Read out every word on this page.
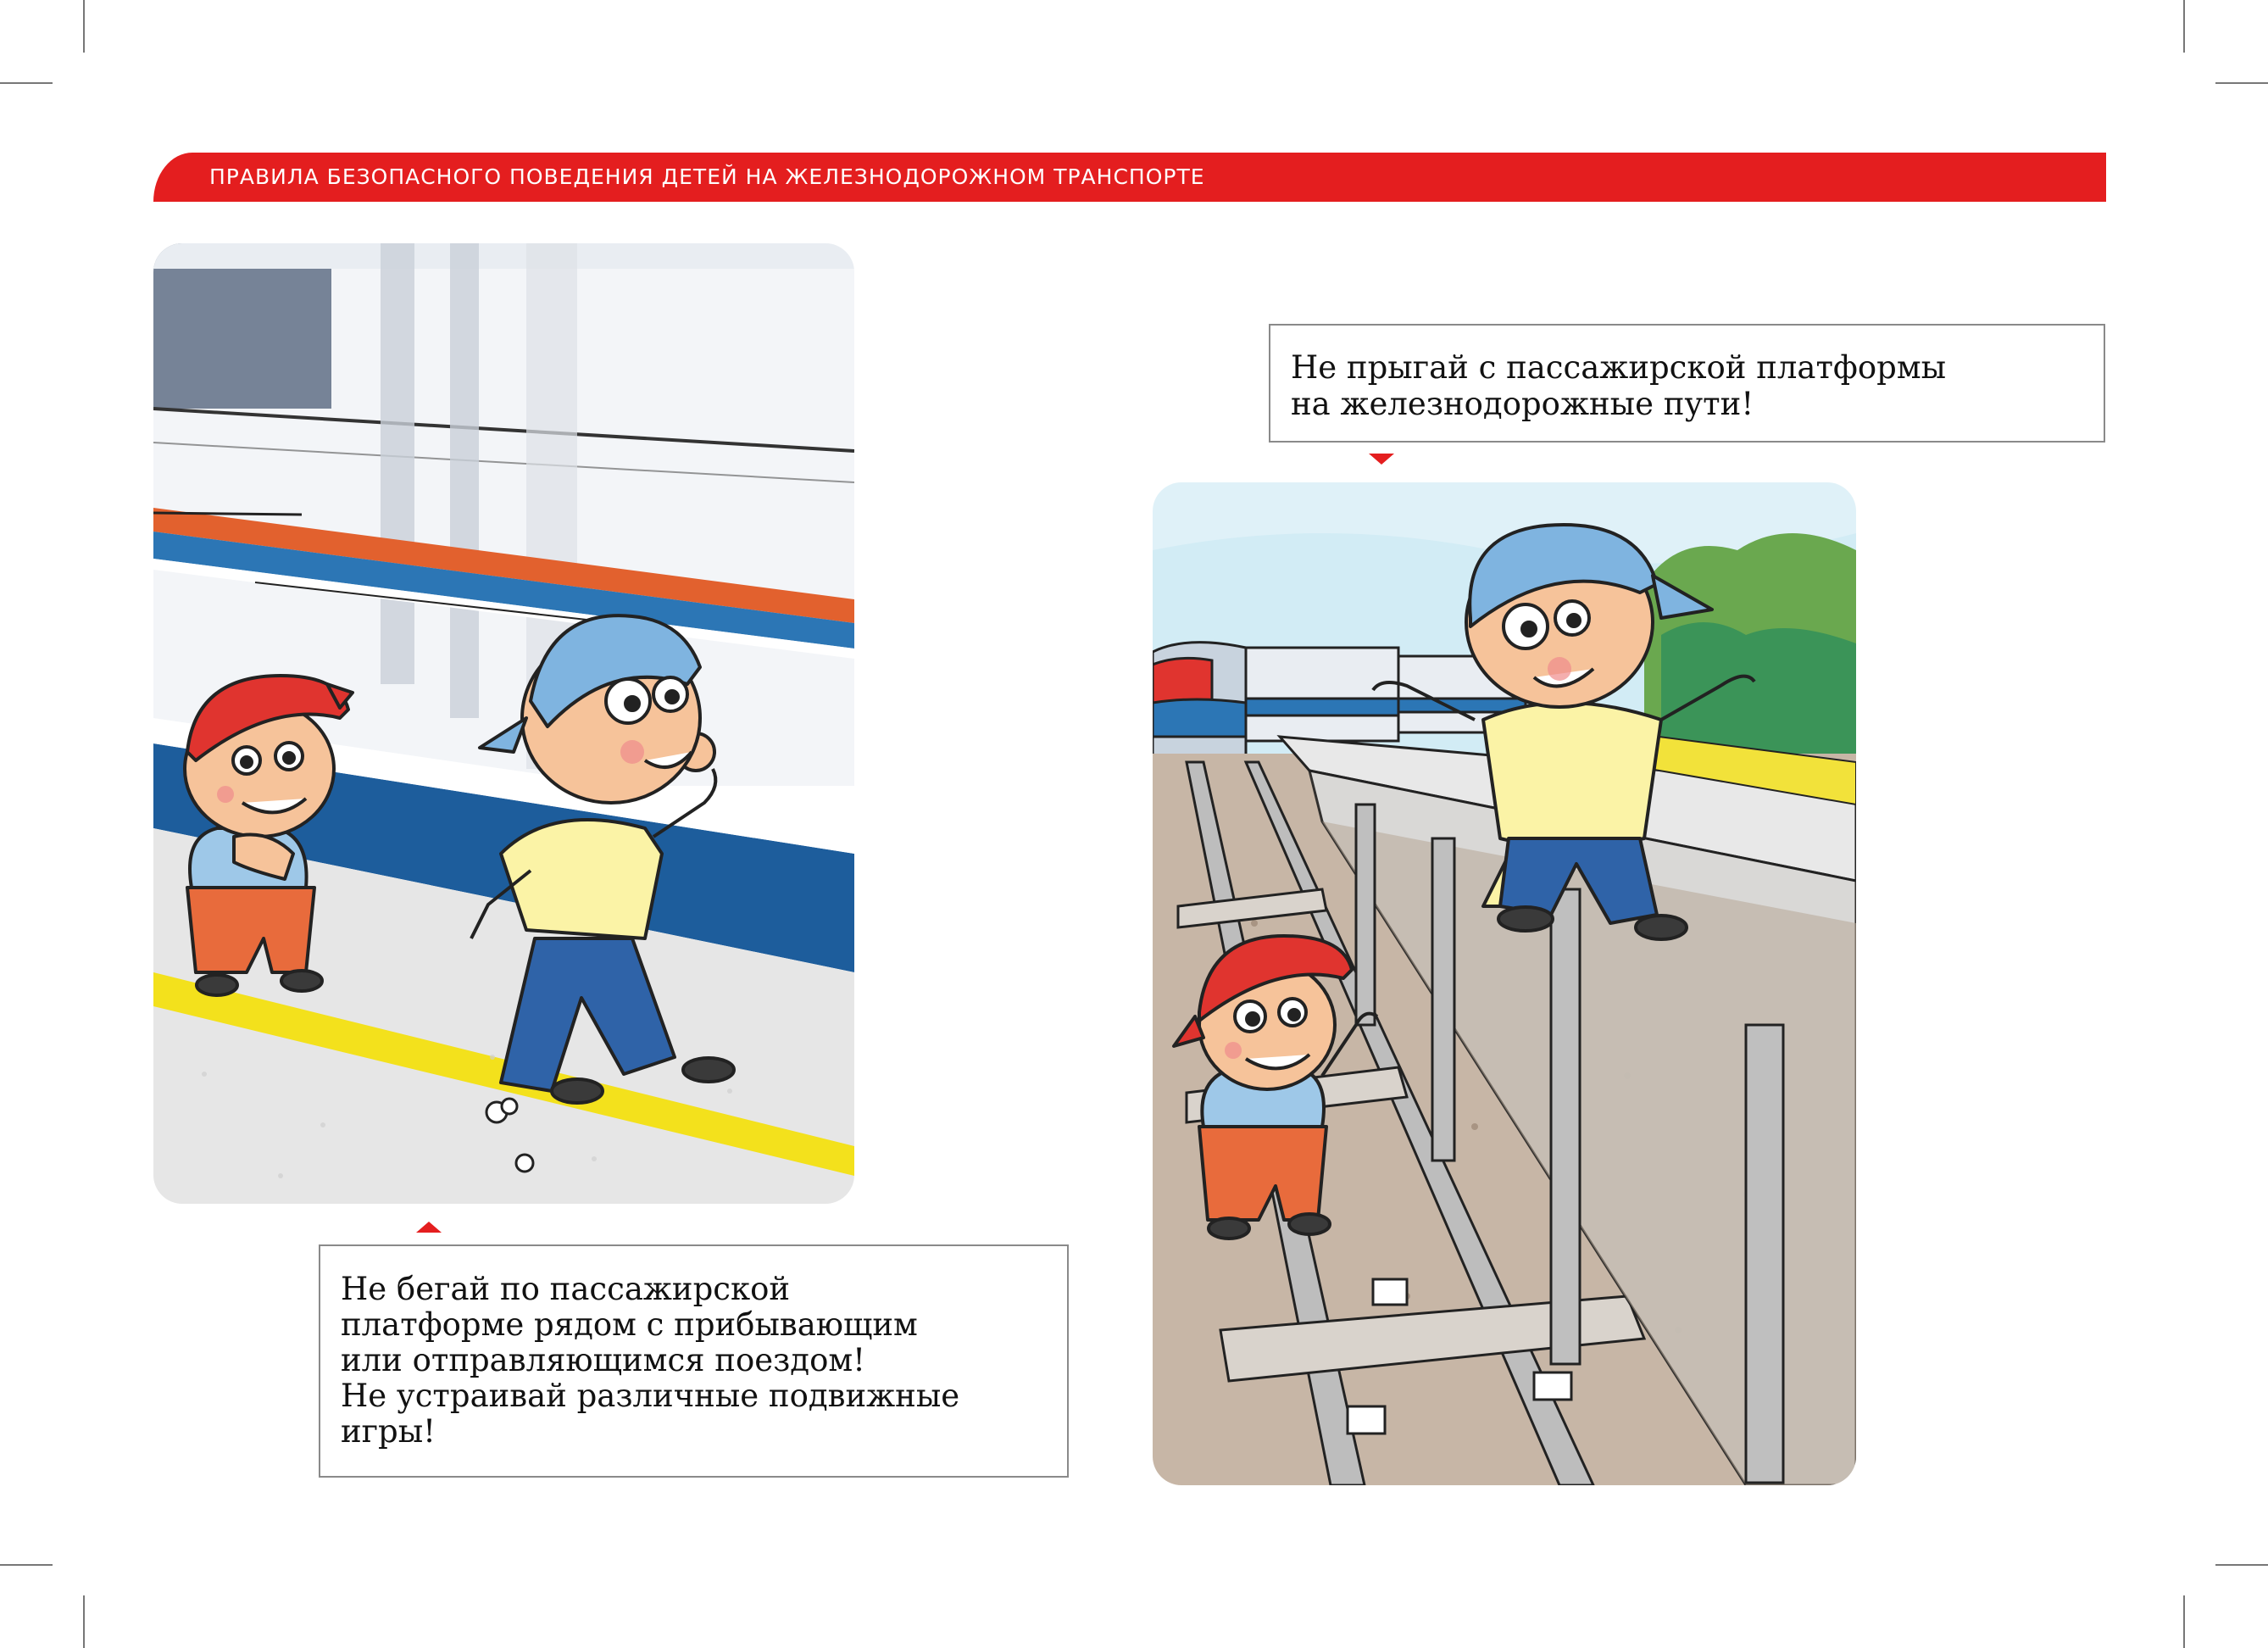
ПРАВИЛА БЕЗОПАСНОГО ПОВЕДЕНИЯ ДЕТЕЙ НА ЖЕЛЕЗНОДОРОЖНОМ ТРАНСПОРТЕ

Не бегай по пассажирской

платформе рядом с прибывающим

или отправляющимся поездом!

Не устраивай различные подвижные

игры!

Не прыгай с пассажирской платформы

на железнодорожные пути!
